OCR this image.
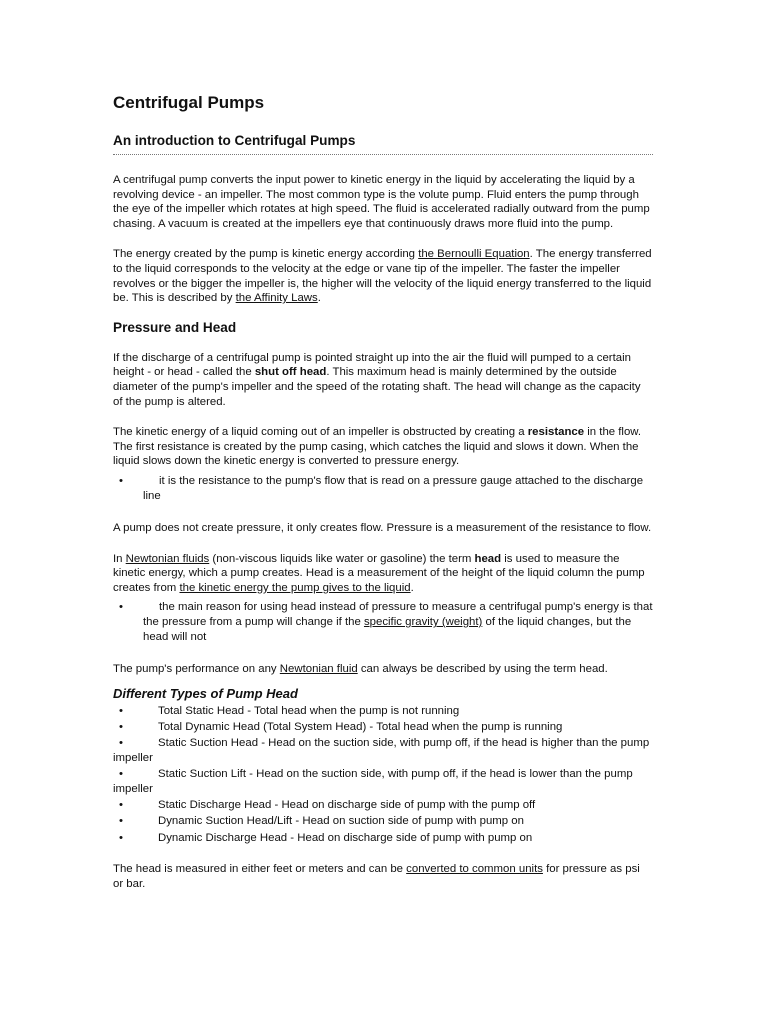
Centrifugal Pumps
An introduction to Centrifugal Pumps

A centrifugal pump converts the input power to kinetic energy in the liquid by accelerating the liquid by a revolving device - an impeller. The most common type is the volute pump. Fluid enters the pump through the eye of the impeller which rotates at high speed. The fluid is accelerated radially outward from the pump chasing. A vacuum is created at the impellers eye that continuously draws more fluid into the pump.

The energy created by the pump is kinetic energy according the Bernoulli Equation. The energy transferred to the liquid corresponds to the velocity at the edge or vane tip of the impeller. The faster the impeller revolves or the bigger the impeller is, the higher will the velocity of the liquid energy transferred to the liquid be. This is described by the Affinity Laws.

Pressure and Head

If the discharge of a centrifugal pump is pointed straight up into the air the fluid will pumped to a certain height - or head - called the shut off head. This maximum head is mainly determined by the outside diameter of the pump's impeller and the speed of the rotating shaft. The head will change as the capacity of the pump is altered.

The kinetic energy of a liquid coming out of an impeller is obstructed by creating a resistance in the flow. The first resistance is created by the pump casing, which catches the liquid and slows it down. When the liquid slows down the kinetic energy is converted to pressure energy.

•	it is the resistance to the pump's flow that is read on a pressure gauge attached to the discharge line

A pump does not create pressure, it only creates flow. Pressure is a measurement of the resistance to flow.

In Newtonian fluids (non-viscous liquids like water or gasoline) the term head is used to measure the kinetic energy, which a pump creates. Head is a measurement of the height of the liquid column the pump creates from the kinetic energy the pump gives to the liquid.

•	the main reason for using head instead of pressure to measure a centrifugal pump's energy is that the pressure from a pump will change if the specific gravity (weight) of the liquid changes, but the head will not

The pump's performance on any Newtonian fluid can always be described by using the term head.

Different Types of Pump Head
•	Total Static Head - Total head when the pump is not running
•	Total Dynamic Head (Total System Head) - Total head when the pump is running
•	Static Suction Head - Head on the suction side, with pump off, if the head is higher than the pump impeller
•	Static Suction Lift - Head on the suction side, with pump off, if the head is lower than the pump impeller
•	Static Discharge Head - Head on discharge side of pump with the pump off
•	Dynamic Suction Head/Lift - Head on suction side of pump with pump on
•	Dynamic Discharge Head - Head on discharge side of pump with pump on

The head is measured in either feet or meters and can be converted to common units for pressure as psi or bar.
